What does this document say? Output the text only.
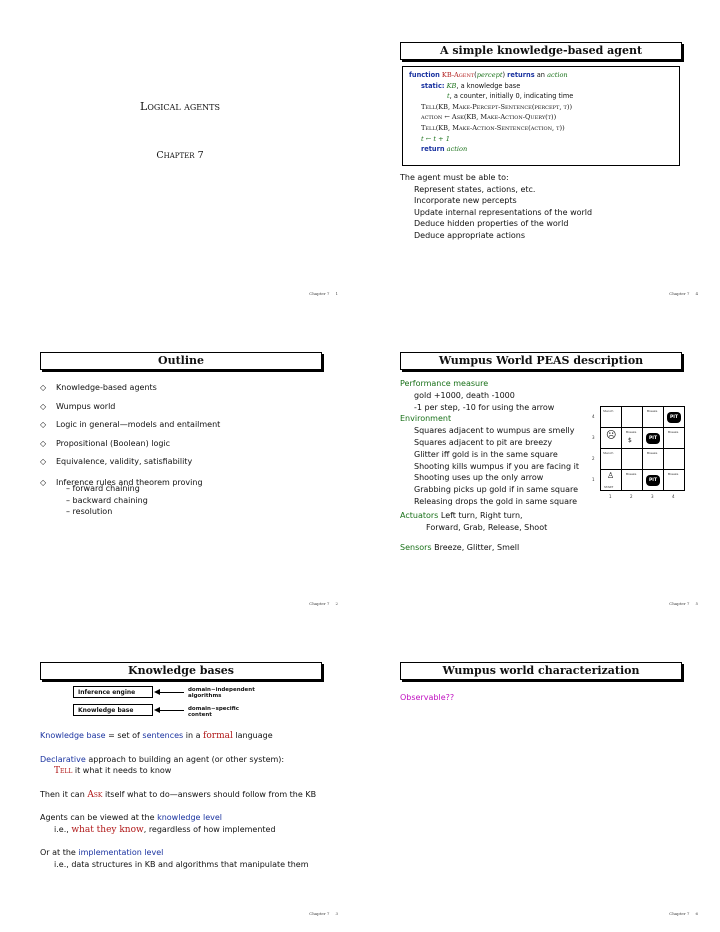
Logical agents
Chapter 7
Chapter 7 1
A simple knowledge-based agent
function KB-Agent(percept) returns an action
static: KB, a knowledge base
t, a counter, initially 0, indicating time
Tell(KB, Make-Percept-Sentence(percept, t))
action ← Ask(KB, Make-Action-Query(t))
Tell(KB, Make-Action-Sentence(action, t))
t ← t + 1
return action
The agent must be able to:
Represent states, actions, etc.
Incorporate new percepts
Update internal representations of the world
Deduce hidden properties of the world
Deduce appropriate actions
Chapter 7 4
Outline
◇ Knowledge-based agents
◇ Wumpus world
◇ Logic in general—models and entailment
◇ Propositional (Boolean) logic
◇ Equivalence, validity, satisfiability
◇ Inference rules and theorem proving
– forward chaining
– backward chaining
– resolution
Chapter 7 2
Wumpus World PEAS description
Performance measure
gold +1000, death -1000
-1 per step, -10 for using the arrow
Environment
Squares adjacent to wumpus are smelly
Squares adjacent to pit are breezy
Glitter iff gold is in the same square
Shooting kills wumpus if you are facing it
Shooting uses up the only arrow
Grabbing picks up gold if in same square
Releasing drops the gold in same square
Actuators Left turn, Right turn,
Forward, Grab, Release, Shoot
Sensors Breeze, Glitter, Smell
PIT
PIT
PIT
Stench	Breeze
Breeze	Breeze
Stench	Breeze
Breeze	Breeze
START
☹ $
♙
4
3
2
1
1	2	3	4
Chapter 7 5
Knowledge bases
Inference engine
Knowledge base
domain−independent algorithms
domain−specific content
Knowledge base = set of sentences in a formal language
Declarative approach to building an agent (or other system):
Tell it what it needs to know
Then it can Ask itself what to do—answers should follow from the KB
Agents can be viewed at the knowledge level
i.e., what they know, regardless of how implemented
Or at the implementation level
i.e., data structures in KB and algorithms that manipulate them
Chapter 7 3
Wumpus world characterization
Observable??
Chapter 7 6
